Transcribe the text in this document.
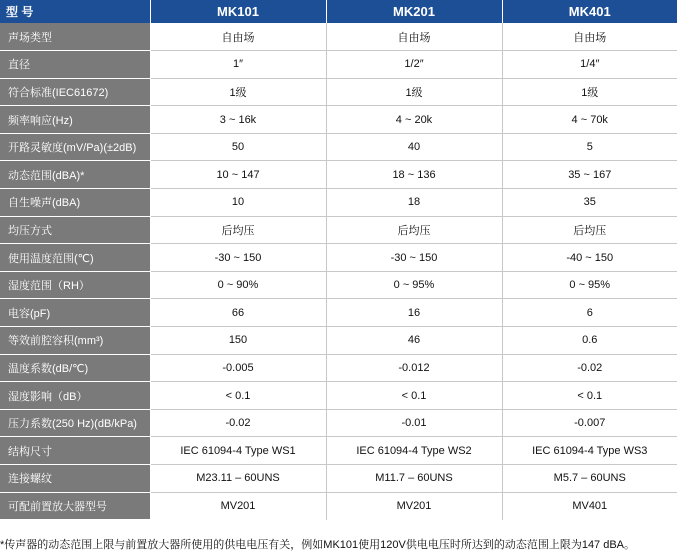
型 号	MK101	MK201	MK401
声场类型	自由场	自由场	自由场
直径	1″	1/2″	1/4″
符合标准(IEC61672)	1级	1级	1级
频率响应(Hz)	3 ~ 16k	4 ~ 20k	4 ~ 70k
开路灵敏度(mV/Pa)(±2dB)	50	40	5
动态范围(dBA)*	10 ~ 147	18 ~ 136	35 ~ 167
自生噪声(dBA)	10	18	35
均压方式	后均压	后均压	后均压
使用温度范围(℃)	-30 ~ 150	-30 ~ 150	-40 ~ 150
湿度范围（RH）	0 ~ 90%	0 ~ 95%	0 ~ 95%
电容(pF)	66	16	6
等效前腔容积(mm³)	150	46	0.6
温度系数(dB/℃)	-0.005	-0.012	-0.02
湿度影响（dB）	< 0.1	< 0.1	< 0.1
压力系数(250 Hz)(dB/kPa)	-0.02	-0.01	-0.007
结构尺寸	IEC 61094-4 Type WS1	IEC 61094-4 Type WS2	IEC 61094-4 Type WS3
连接螺纹	M23.11 – 60UNS	M11.7 – 60UNS	M5.7 – 60UNS
可配前置放大器型号	MV201	MV201	MV401
*传声器的动态范围上限与前置放大器所使用的供电电压有关，例如MK101使用120V供电电压时所达到的动态范围上限为147 dBA。
